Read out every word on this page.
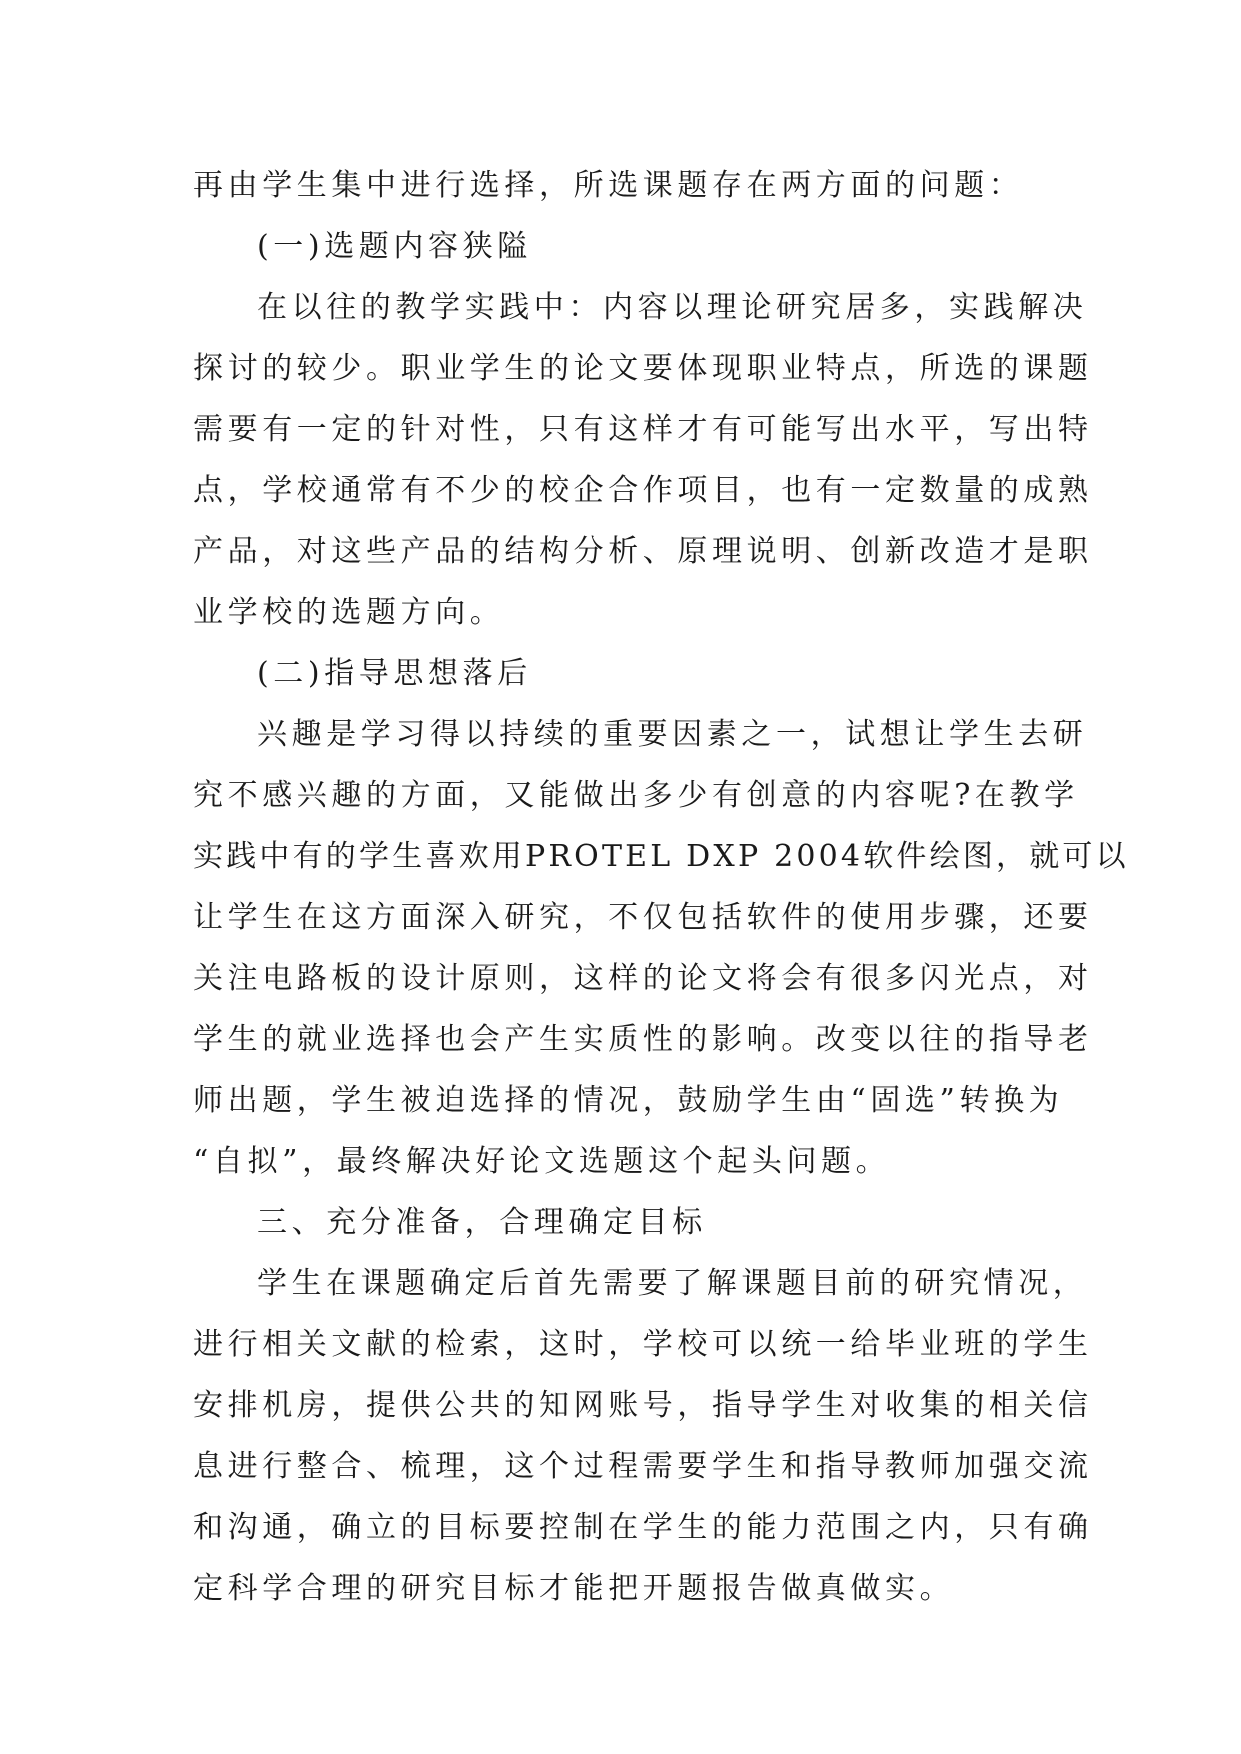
再由学生集中进行选择，所选课题存在两方面的问题：
(一)选题内容狭隘
在以往的教学实践中：内容以理论研究居多，实践解决
探讨的较少。职业学生的论文要体现职业特点，所选的课题
需要有一定的针对性，只有这样才有可能写出水平，写出特
点，学校通常有不少的校企合作项目，也有一定数量的成熟
产品，对这些产品的结构分析、原理说明、创新改造才是职
业学校的选题方向。
(二)指导思想落后
兴趣是学习得以持续的重要因素之一，试想让学生去研
究不感兴趣的方面，又能做出多少有创意的内容呢?在教学
实践中有的学生喜欢用PROTEL DXP 2004软件绘图，就可以
让学生在这方面深入研究，不仅包括软件的使用步骤，还要
关注电路板的设计原则，这样的论文将会有很多闪光点，对
学生的就业选择也会产生实质性的影响。改变以往的指导老
师出题，学生被迫选择的情况，鼓励学生由“固选”转换为
“自拟”，最终解决好论文选题这个起头问题。
三、充分准备，合理确定目标
学生在课题确定后首先需要了解课题目前的研究情况，
进行相关文献的检索，这时，学校可以统一给毕业班的学生
安排机房，提供公共的知网账号，指导学生对收集的相关信
息进行整合、梳理，这个过程需要学生和指导教师加强交流
和沟通，确立的目标要控制在学生的能力范围之内，只有确
定科学合理的研究目标才能把开题报告做真做实。
